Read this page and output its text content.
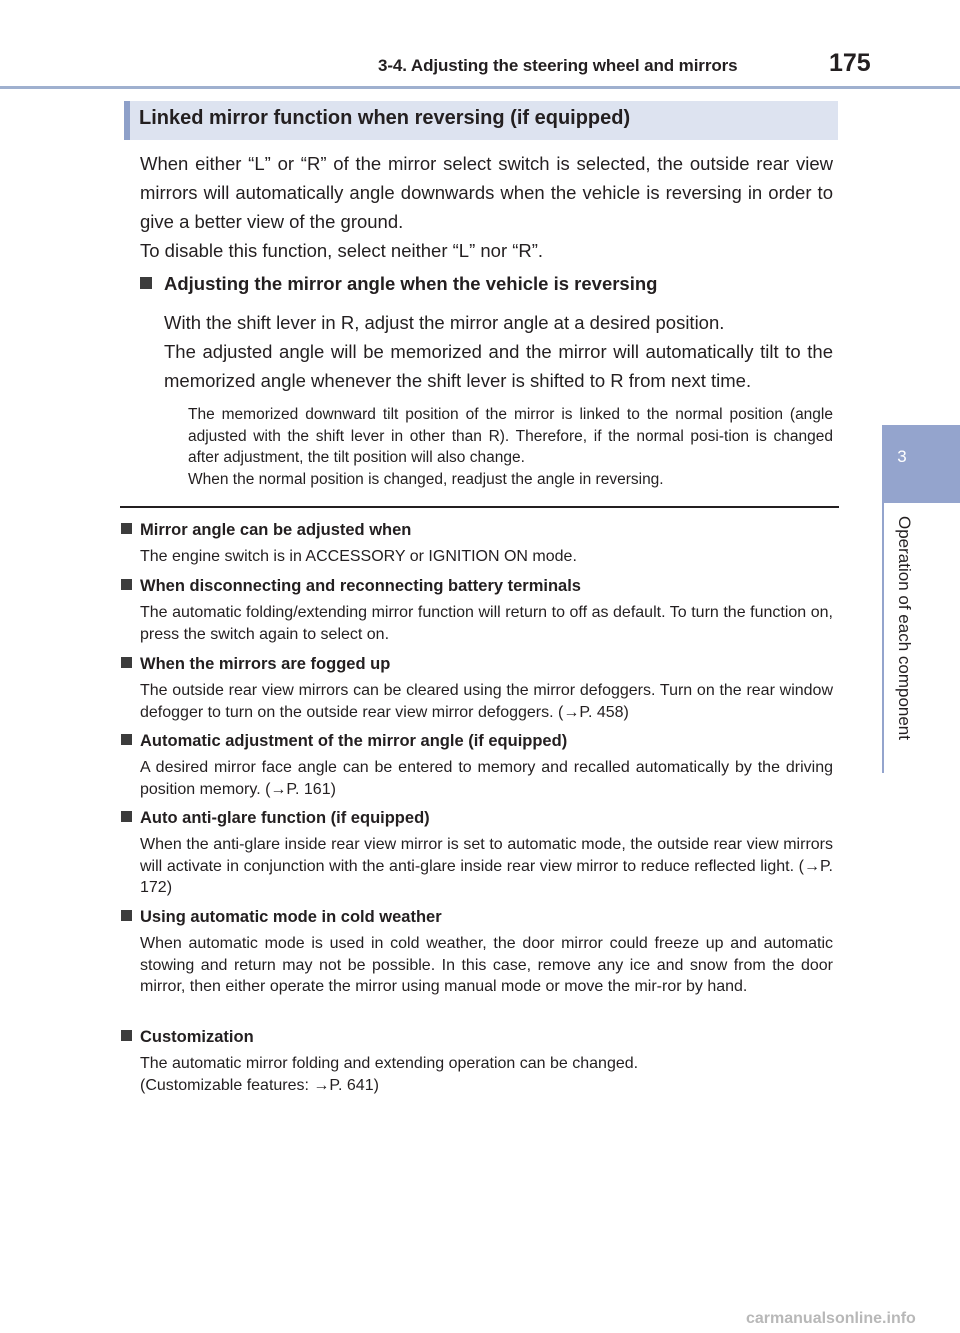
3-4. Adjusting the steering wheel and mirrors	175
3
Operation of each component
Linked mirror function when reversing (if equipped)
When either “L” or “R” of the mirror select switch is selected, the outside rear view mirrors will automatically angle downwards when the vehicle is reversing in order to give a better view of the ground.
To disable this function, select neither “L” nor “R”.
Adjusting the mirror angle when the vehicle is reversing
With the shift lever in R, adjust the mirror angle at a desired position.
The adjusted angle will be memorized and the mirror will automatically tilt to the memorized angle whenever the shift lever is shifted to R from next time.
The memorized downward tilt position of the mirror is linked to the normal position (angle adjusted with the shift lever in other than R). Therefore, if the normal posi-tion is changed after adjustment, the tilt position will also change.
When the normal position is changed, readjust the angle in reversing.
Mirror angle can be adjusted when
The engine switch is in ACCESSORY or IGNITION ON mode.
When disconnecting and reconnecting battery terminals
The automatic folding/extending mirror function will return to off as default. To turn the function on, press the switch again to select on.
When the mirrors are fogged up
The outside rear view mirrors can be cleared using the mirror defoggers. Turn on the rear window defogger to turn on the outside rear view mirror defoggers. (→P. 458)
Automatic adjustment of the mirror angle (if equipped)
A desired mirror face angle can be entered to memory and recalled automatically by the driving position memory. (→P. 161)
Auto anti-glare function (if equipped)
When the anti-glare inside rear view mirror is set to automatic mode, the outside rear view mirrors will activate in conjunction with the anti-glare inside rear view mirror to reduce reflected light. (→P. 172)
Using automatic mode in cold weather
When automatic mode is used in cold weather, the door mirror could freeze up and automatic stowing and return may not be possible. In this case, remove any ice and snow from the door mirror, then either operate the mirror using manual mode or move the mir-ror by hand.
Customization
The automatic mirror folding and extending operation can be changed.
(Customizable features: →P. 641)
carmanualsonline.info
